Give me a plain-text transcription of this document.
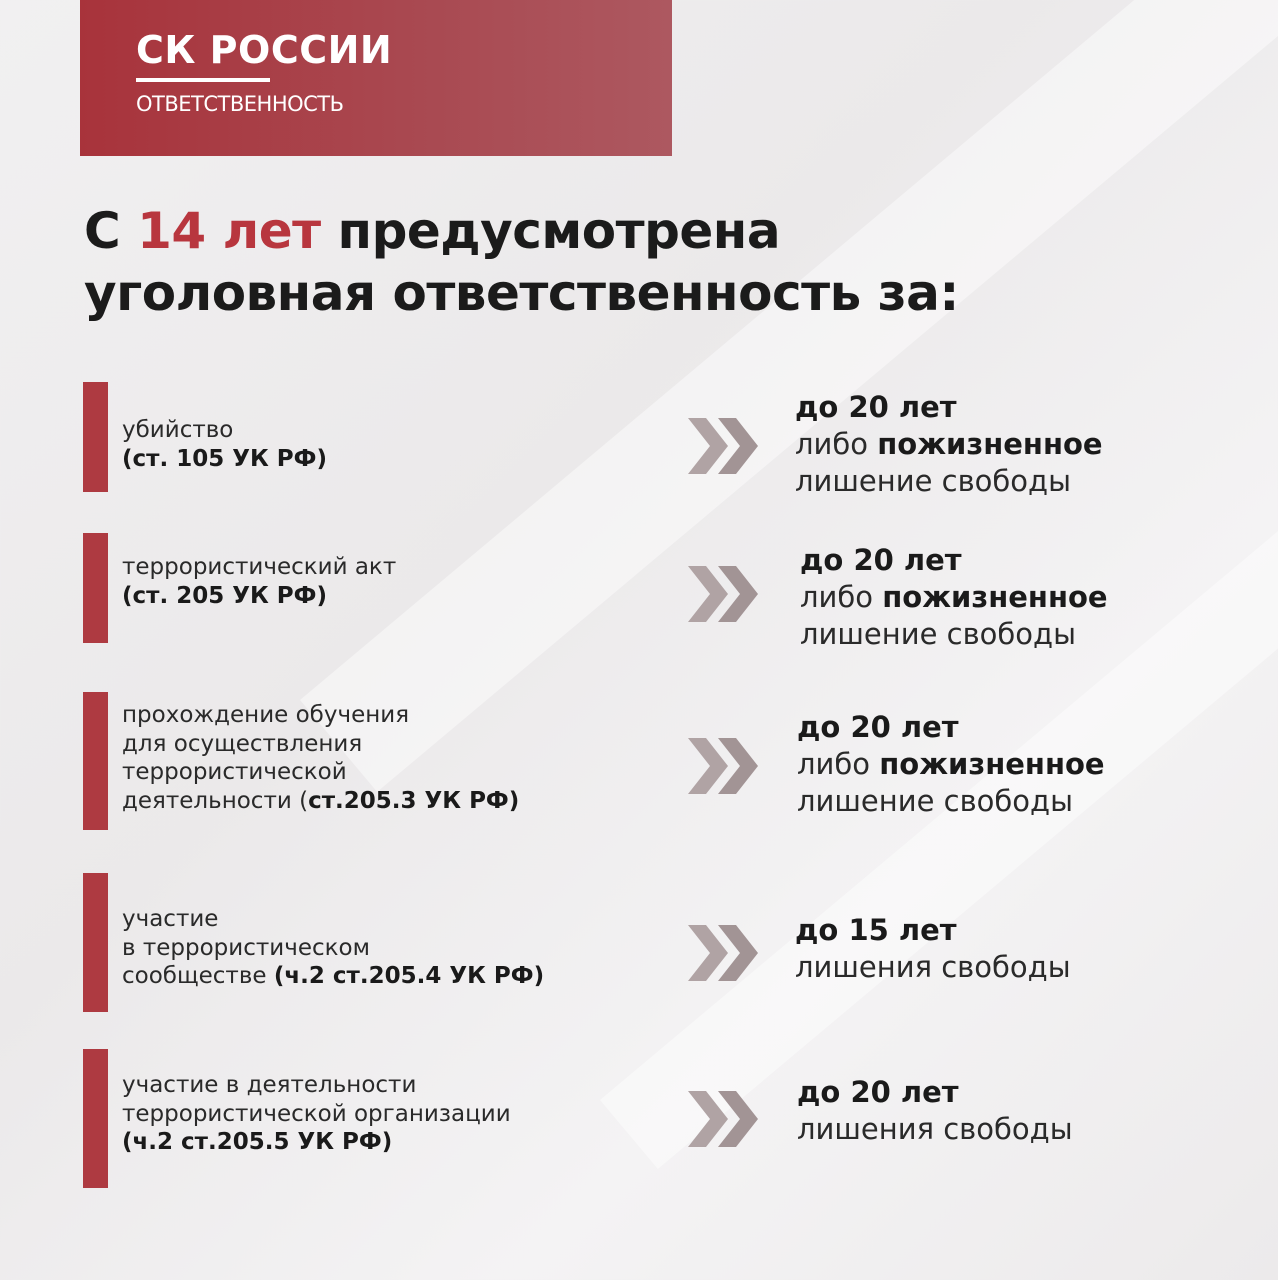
СК РОССИИ
ОТВЕТСТВЕННОСТЬ
С 14 лет предусмотрена
уголовная ответственность за:
убийство
(ст. 105 УК РФ)
до 20 лет
либо пожизненное
лишение свободы
террористический акт
(ст. 205 УК РФ)
до 20 лет
либо пожизненное
лишение свободы
прохождение обучения
для осуществления
террористической
деятельности (ст.205.3 УК РФ)
до 20 лет
либо пожизненное
лишение свободы
участие
в террористическом
сообществе (ч.2 ст.205.4 УК РФ)
до 15 лет
лишения свободы
участие в деятельности
террористической организации
(ч.2 ст.205.5 УК РФ)
до 20 лет
лишения свободы
